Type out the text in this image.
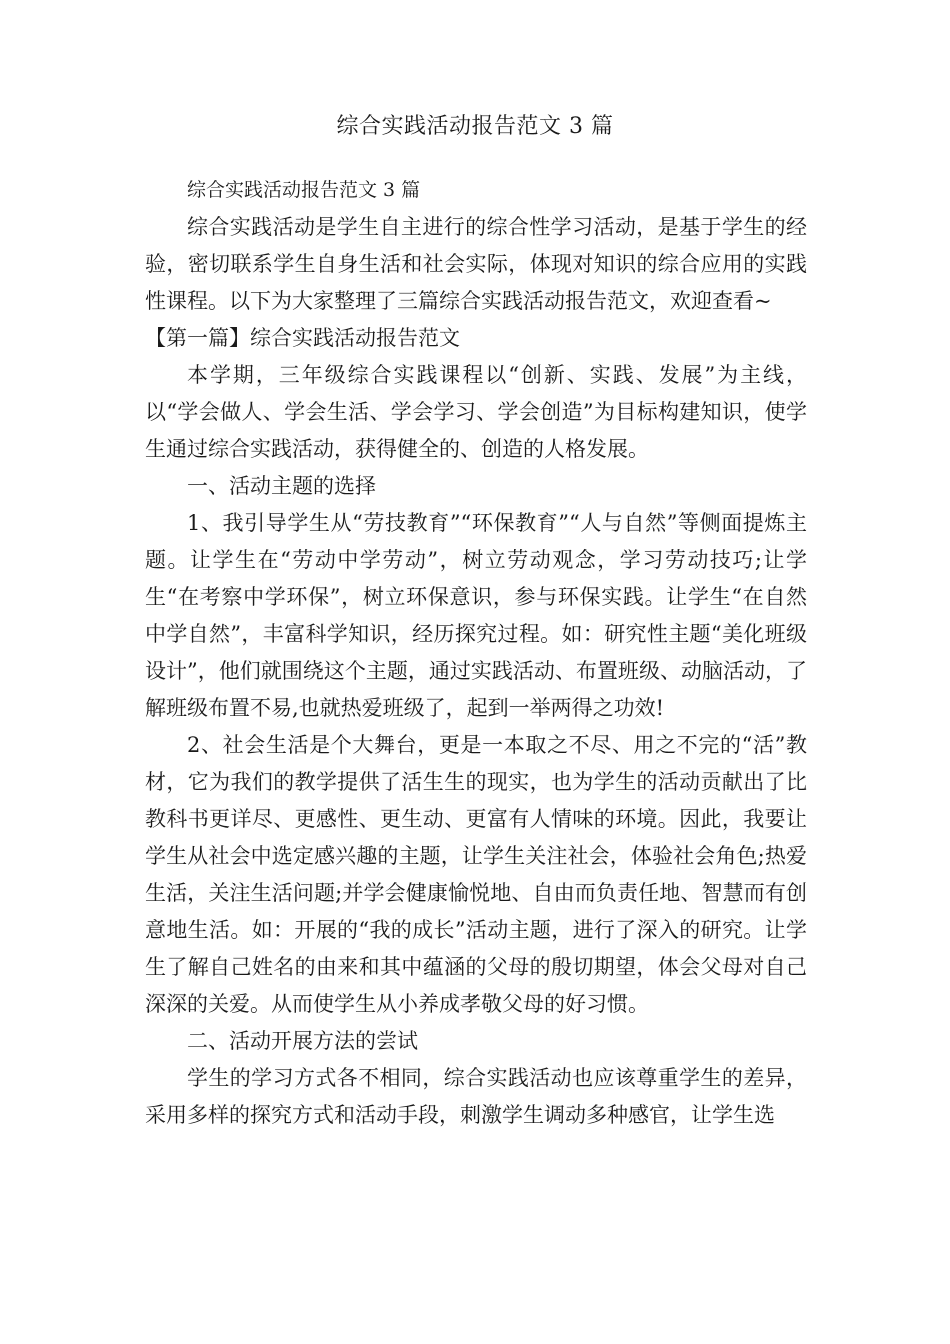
综合实践活动报告范文 3 篇

综合实践活动报告范文 3 篇

综合实践活动是学生自主进行的综合性学习活动，是基于学生的经验，密切联系学生自身生活和社会实际，体现对知识的综合应用的实践性课程。以下为大家整理了三篇综合实践活动报告范文，欢迎查看~

【第一篇】综合实践活动报告范文

本学期，三年级综合实践课程以“创新、实践、发展”为主线，以“学会做人、学会生活、学会学习、学会创造”为目标构建知识，使学生通过综合实践活动，获得健全的、创造的人格发展。

一、活动主题的选择

1、我引导学生从“劳技教育”“环保教育”“人与自然”等侧面提炼主题。让学生在“劳动中学劳动”，树立劳动观念，学习劳动技巧;让学生“在考察中学环保”，树立环保意识，参与环保实践。让学生“在自然中学自然”，丰富科学知识，经历探究过程。如：研究性主题“美化班级设计”，他们就围绕这个主题，通过实践活动、布置班级、动脑活动，了解班级布置不易,也就热爱班级了，起到一举两得之功效!

2、社会生活是个大舞台，更是一本取之不尽、用之不完的“活”教材，它为我们的教学提供了活生生的现实，也为学生的活动贡献出了比教科书更详尽、更感性、更生动、更富有人情味的环境。因此，我要让学生从社会中选定感兴趣的主题，让学生关注社会，体验社会角色;热爱生活，关注生活问题;并学会健康愉悦地、自由而负责任地、智慧而有创意地生活。如：开展的“我的成长”活动主题，进行了深入的研究。让学生了解自己姓名的由来和其中蕴涵的父母的殷切期望，体会父母对自己深深的关爱。从而使学生从小养成孝敬父母的好习惯。

二、活动开展方法的尝试

学生的学习方式各不相同，综合实践活动也应该尊重学生的差异，采用多样的探究方式和活动手段，刺激学生调动多种感官，让学生选
